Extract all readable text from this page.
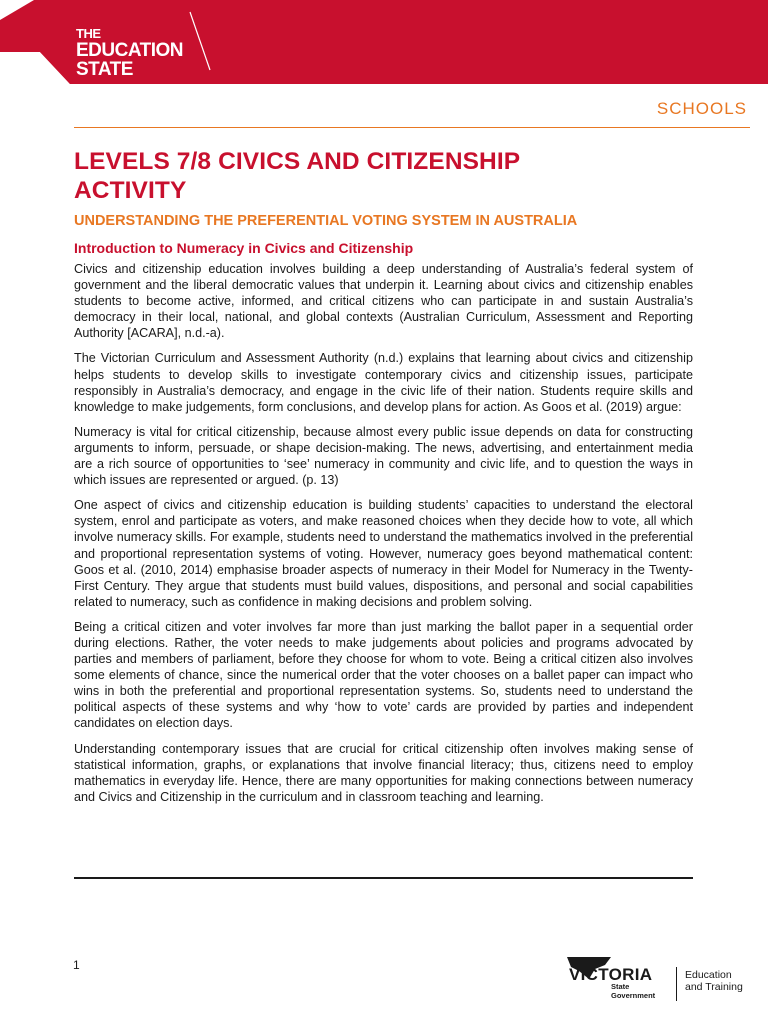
THE
EDUCATION
STATE
SCHOOLS
LEVELS 7/8 CIVICS AND CITIZENSHIP
ACTIVITY
UNDERSTANDING THE PREFERENTIAL VOTING SYSTEM IN AUSTRALIA
Introduction to Numeracy in Civics and Citizenship

Civics and citizenship education involves building a deep understanding of Australia’s federal system of government and the liberal democratic values that underpin it. Learning about civics and citizenship enables students to become active, informed, and critical citizens who can participate in and sustain Australia’s democracy in their local, national, and global contexts (Australian Curriculum, Assessment and Reporting Authority [ACARA], n.d.-a).

The Victorian Curriculum and Assessment Authority (n.d.) explains that learning about civics and citizenship helps students to develop skills to investigate contemporary civics and citizenship issues, participate responsibly in Australia’s democracy, and engage in the civic life of their nation. Students require skills and knowledge to make judgements, form conclusions, and develop plans for action. As Goos et al. (2019) argue:

Numeracy is vital for critical citizenship, because almost every public issue depends on data for constructing arguments to inform, persuade, or shape decision-making. The news, advertising, and entertainment media are a rich source of opportunities to ‘see’ numeracy in community and civic life, and to question the ways in which issues are represented or argued. (p. 13)

One aspect of civics and citizenship education is building students’ capacities to understand the electoral system, enrol and participate as voters, and make reasoned choices when they decide how to vote, all which involve numeracy skills. For example, students need to understand the mathematics involved in the preferential and proportional representation systems of voting. However, numeracy goes beyond mathematical content: Goos et al. (2010, 2014) emphasise broader aspects of numeracy in their Model for Numeracy in the Twenty-First Century. They argue that students must build values, dispositions, and personal and social capabilities related to numeracy, such as confidence in making decisions and problem solving.

Being a critical citizen and voter involves far more than just marking the ballot paper in a sequential order during elections. Rather, the voter needs to make judgements about policies and programs advocated by parties and members of parliament, before they choose for whom to vote. Being a critical citizen also involves some elements of chance, since the numerical order that the voter chooses on a ballet paper can impact who wins in both the preferential and proportional representation systems. So, students need to understand the political aspects of these systems and why ‘how to vote’ cards are provided by parties and independent candidates on election days.

Understanding contemporary issues that are crucial for critical citizenship often involves making sense of statistical information, graphs, or explanations that involve financial literacy; thus, citizens need to employ mathematics in everyday life. Hence, there are many opportunities for making connections between numeracy and Civics and Citizenship in the curriculum and in classroom teaching and learning.

1	VICTORIA
State
Government
Education
and Training
